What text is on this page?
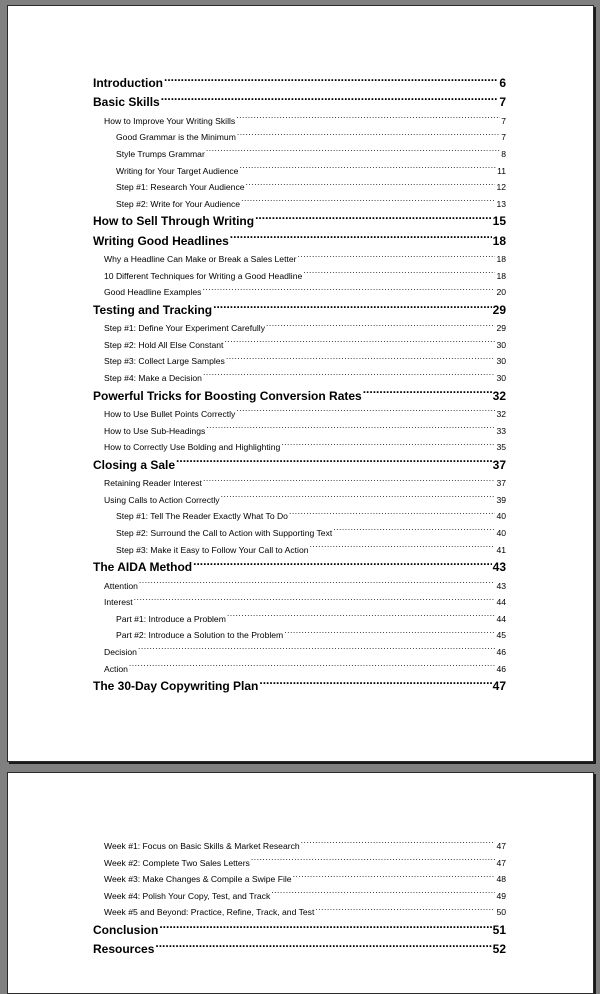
Introduction .....	6
Basic Skills .....	7
How to Improve Your Writing Skills .....	7
Good Grammar is the Minimum .....	7
Style Trumps Grammar .....	8
Writing for Your Target Audience .....	11
Step #1: Research Your Audience .....	12
Step #2: Write for Your Audience .....	13
How to Sell Through Writing .....	15
Writing Good Headlines .....	18
Why a Headline Can Make or Break a Sales Letter .....	18
10 Different Techniques for Writing a Good Headline .....	18
Good Headline Examples .....	20
Testing and Tracking .....	29
Step #1: Define Your Experiment Carefully .....	29
Step #2: Hold All Else Constant .....	30
Step #3: Collect Large Samples .....	30
Step #4: Make a Decision .....	30
Powerful Tricks for Boosting Conversion Rates .....	32
How to Use Bullet Points Correctly .....	32
How to Use Sub-Headings .....	33
How to Correctly Use Bolding and Highlighting .....	35
Closing a Sale .....	37
Retaining Reader Interest .....	37
Using Calls to Action Correctly .....	39
Step #1: Tell The Reader Exactly What To Do .....	40
Step #2: Surround the Call to Action with Supporting Text .....	40
Step #3: Make it Easy to Follow Your Call to Action .....	41
The AIDA Method .....	43
Attention .....	43
Interest .....	44
Part #1: Introduce a Problem .....	44
Part #2: Introduce a Solution to the Problem .....	45
Decision .....	46
Action .....	46
The 30-Day Copywriting Plan .....	47
Week #1: Focus on Basic Skills & Market Research .....	47
Week #2: Complete Two Sales Letters .....	47
Week #3: Make Changes & Compile a Swipe File .....	48
Week #4: Polish Your Copy, Test, and Track .....	49
Week #5 and Beyond: Practice, Refine, Track, and Test .....	50
Conclusion .....	51
Resources .....	52
